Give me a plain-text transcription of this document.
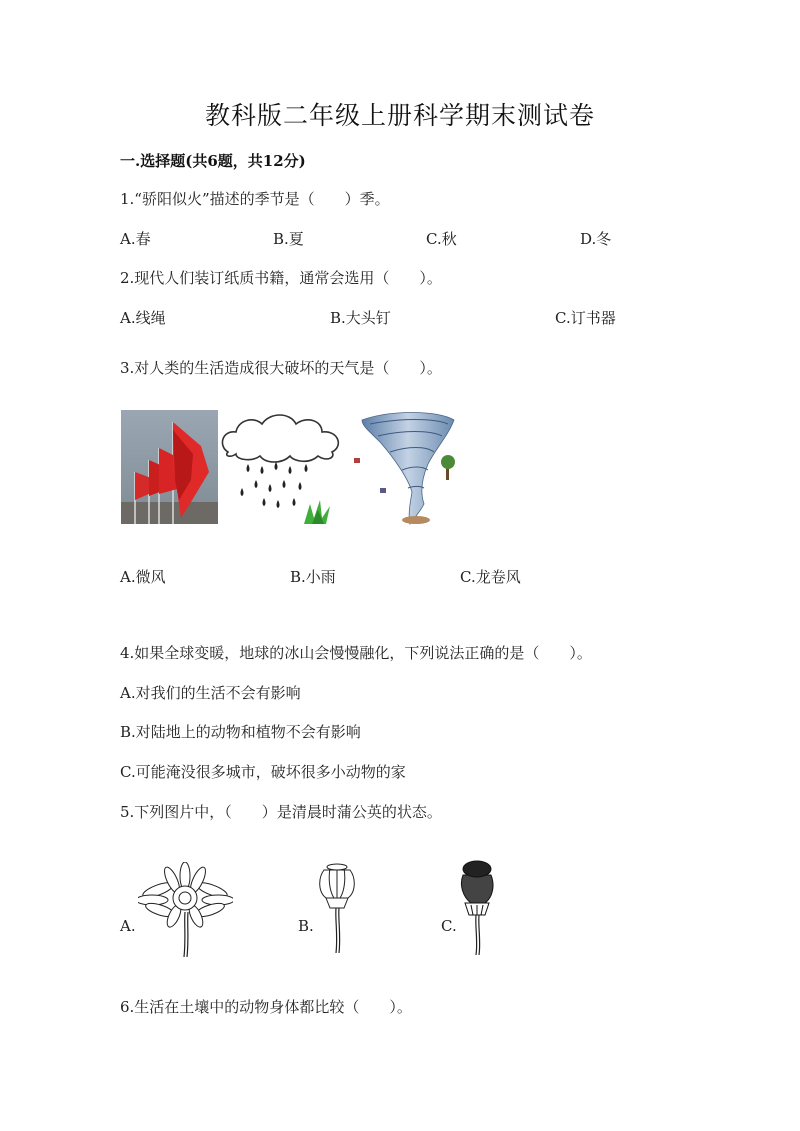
教科版二年级上册科学期末测试卷
一.选择题(共6题，共12分)
1.“骄阳似火”描述的季节是（　　）季。
A.春	B.夏	C.秋	D.冬
2.现代人们装订纸质书籍，通常会选用（　　）。
A.线绳	B.大头钉	C.订书器
3.对人类的生活造成很大破坏的天气是（　　）。
A.微风	B.小雨	C.龙卷风
4.如果全球变暖，地球的冰山会慢慢融化，下列说法正确的是（　　）。
A.对我们的生活不会有影响
B.对陆地上的动物和植物不会有影响
C.可能淹没很多城市，破坏很多小动物的家
5.下列图片中，（　　）是清晨时蒲公英的状态。
A.	B.	C.
6.生活在土壤中的动物身体都比较（　　）。
